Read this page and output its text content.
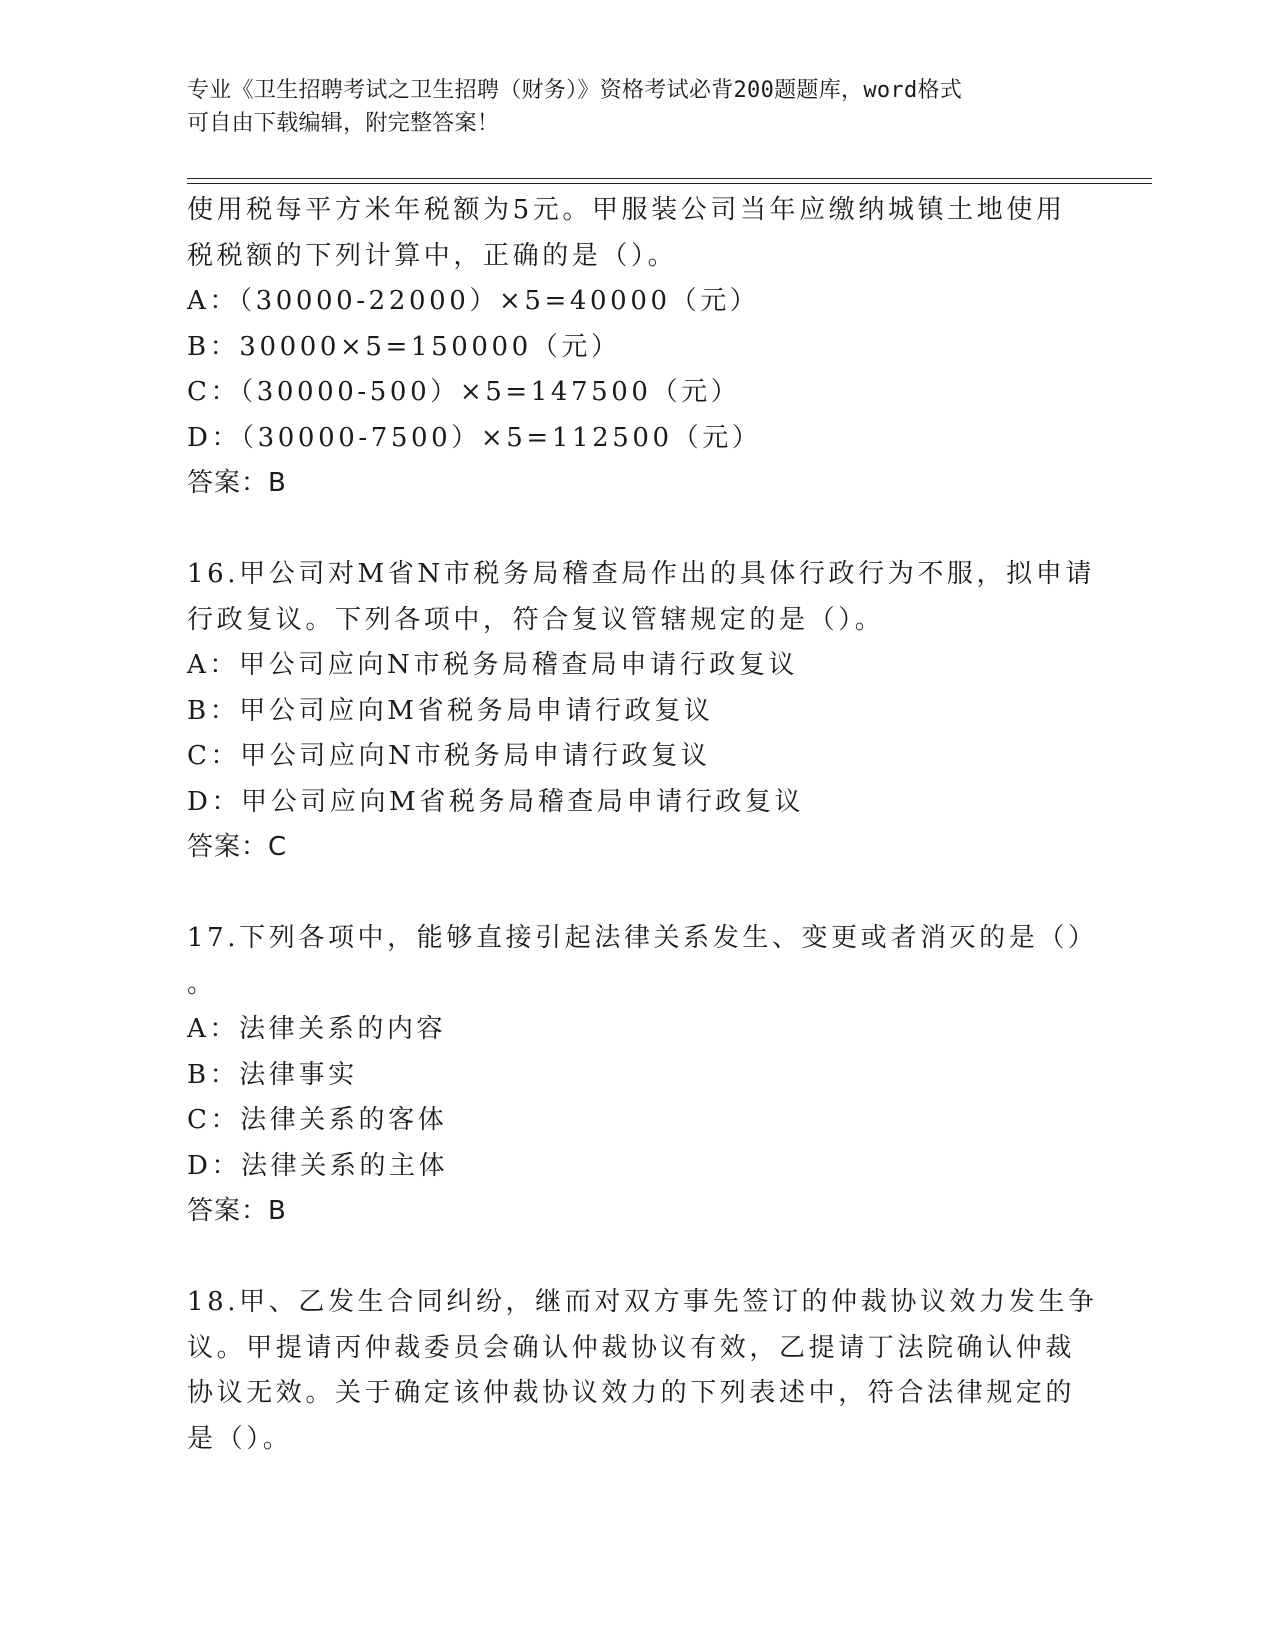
专业《卫生招聘考试之卫生招聘（财务）》资格考试必背200题题库，word格式
可自由下载编辑，附完整答案！
使用税每平方米年税额为5元。甲服装公司当年应缴纳城镇土地使用
税税额的下列计算中，正确的是（）。
A：（30000-22000）×5=40000（元）
B：30000×5=150000（元）
C：（30000-500）×5=147500（元）
D：（30000-7500）×5=112500（元）
答案：B
16.甲公司对M省N市税务局稽查局作出的具体行政行为不服，拟申请
行政复议。下列各项中，符合复议管辖规定的是（）。
A：甲公司应向N市税务局稽查局申请行政复议
B：甲公司应向M省税务局申请行政复议
C：甲公司应向N市税务局申请行政复议
D：甲公司应向M省税务局稽查局申请行政复议
答案：C
17.下列各项中，能够直接引起法律关系发生、变更或者消灭的是（）
。
A：法律关系的内容
B：法律事实
C：法律关系的客体
D：法律关系的主体
答案：B
18.甲、乙发生合同纠纷，继而对双方事先签订的仲裁协议效力发生争
议。甲提请丙仲裁委员会确认仲裁协议有效，乙提请丁法院确认仲裁
协议无效。关于确定该仲裁协议效力的下列表述中，符合法律规定的
是（）。
